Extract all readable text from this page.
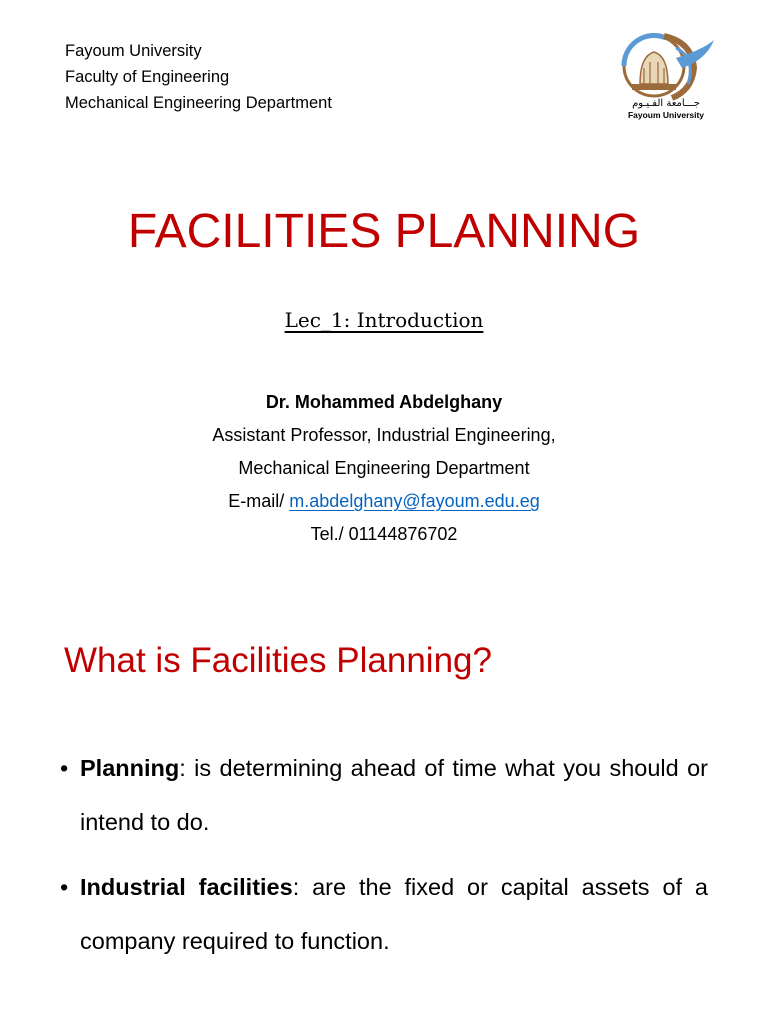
Fayoum University
Faculty of Engineering
Mechanical Engineering Department	جـــامعة الفـيـوم
Fayoum University
FACILITIES PLANNING
Lec_1: Introduction
Dr. Mohammed Abdelghany
Assistant Professor, Industrial Engineering,
Mechanical Engineering Department
E-mail/ m.abdelghany@fayoum.edu.eg
Tel./ 01144876702
What is Facilities Planning?
• Planning: is determining ahead of time what you should or intend to do.
• Industrial facilities: are the fixed or capital assets of a company required to function.
